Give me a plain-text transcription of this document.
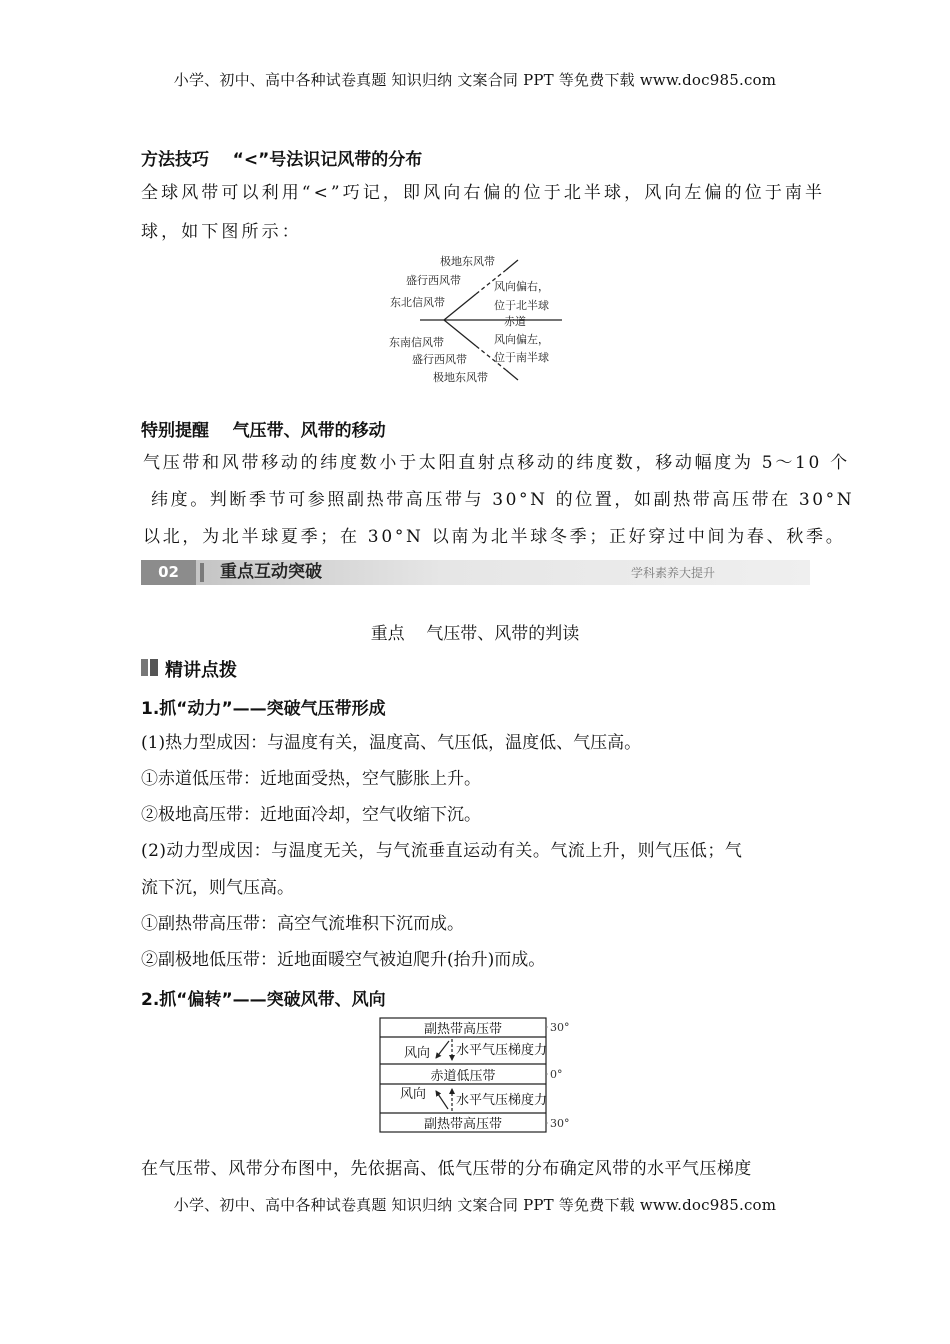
小学、初中、高中各种试卷真题 知识归纳 文案合同 PPT 等免费下载 www.doc985.com
方法技巧    “<”号法识记风带的分布
全球风带可以利用“<”巧记，即风向右偏的位于北半球，风向左偏的位于南半
球，如下图所示：
极地东风带
盛行西风带
东北信风带
风向偏右，
位于北半球
赤道
东南信风带
盛行西风带
极地东风带
风向偏左，
位于南半球
特别提醒    气压带、风带的移动
气压带和风带移动的纬度数小于太阳直射点移动的纬度数，移动幅度为 5～10 个
纬度。判断季节可参照副热带高压带与 30°N 的位置，如副热带高压带在 30°N
以北，为北半球夏季；在 30°N 以南为北半球冬季；正好穿过中间为春、秋季。
02	重点互动突破	学科素养大提升
重点    气压带、风带的判读
精讲点拨
1.抓“动力”——突破气压带形成
(1)热力型成因：与温度有关，温度高、气压低，温度低、气压高。
①赤道低压带：近地面受热，空气膨胀上升。
②极地高压带：近地面冷却，空气收缩下沉。
(2)动力型成因：与温度无关，与气流垂直运动有关。气流上升，则气压低；气
流下沉，则气压高。
①副热带高压带：高空气流堆积下沉而成。
②副极地低压带：近地面暖空气被迫爬升(抬升)而成。
2.抓“偏转”——突破风带、风向
副热带高压带
风向 水平气压梯度力
赤道低压带
风向 水平气压梯度力
副热带高压带
30°
0°
30°
在气压带、风带分布图中，先依据高、低气压带的分布确定风带的水平气压梯度
小学、初中、高中各种试卷真题 知识归纳 文案合同 PPT 等免费下载 www.doc985.com
